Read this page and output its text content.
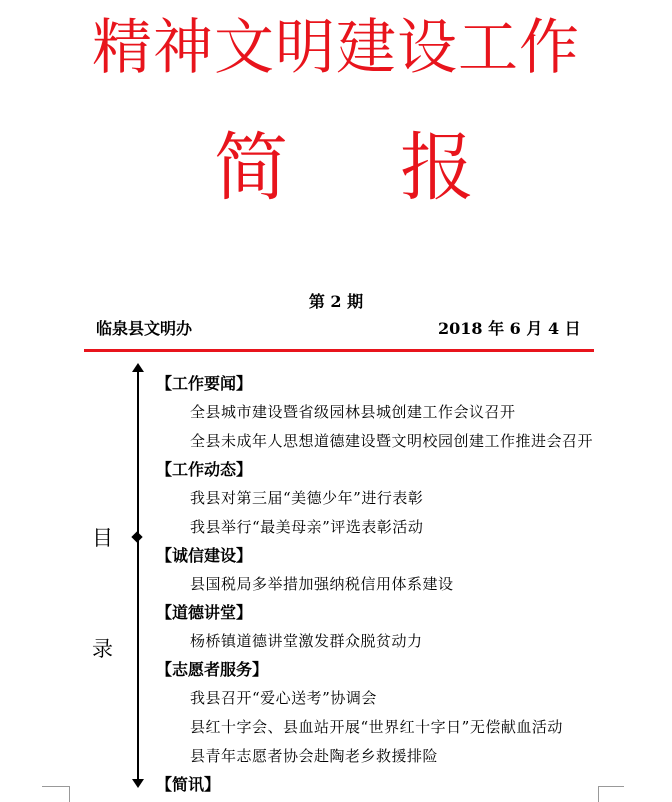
精神文明建设工作
简 报
第 2 期
临泉县文明办	2018 年 6 月 4 日
目
录
【工作要闻】
全县城市建设暨省级园林县城创建工作会议召开
全县未成年人思想道德建设暨文明校园创建工作推进会召开
【工作动态】
我县对第三届“美德少年”进行表彰
我县举行“最美母亲”评选表彰活动
【诚信建设】
县国税局多举措加强纳税信用体系建设
【道德讲堂】
杨桥镇道德讲堂激发群众脱贫动力
【志愿者服务】
我县召开“爱心送考”协调会
县红十字会、县血站开展“世界红十字日”无偿献血活动
县青年志愿者协会赴陶老乡救援排险
【简讯】
